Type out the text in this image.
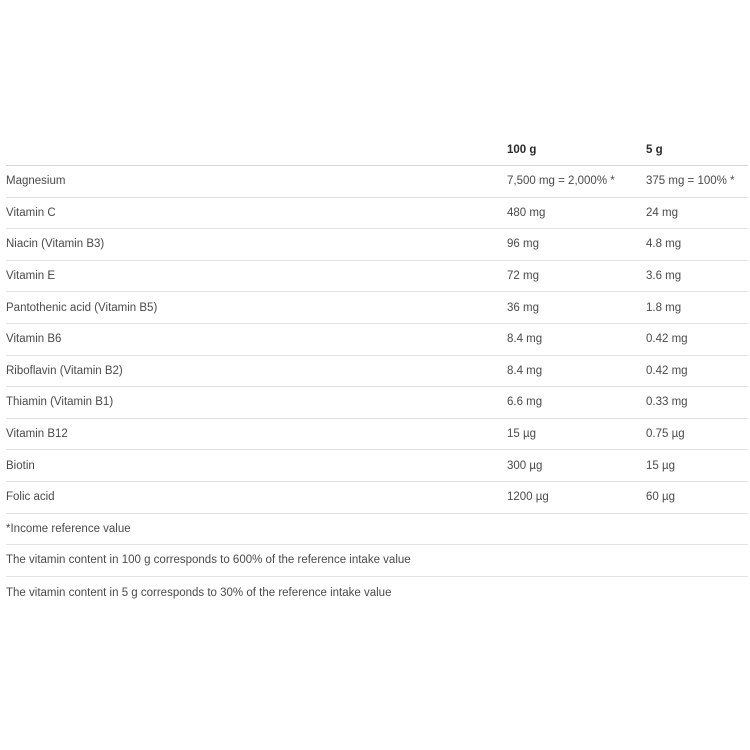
100 g	5 g
Magnesium	7,500 mg = 2,000% *	375 mg = 100% *
Vitamin C	480 mg	24 mg
Niacin (Vitamin B3)	96 mg	4.8 mg
Vitamin E	72 mg	3.6 mg
Pantothenic acid (Vitamin B5)	36 mg	1.8 mg
Vitamin B6	8.4 mg	0.42 mg
Riboflavin (Vitamin B2)	8.4 mg	0.42 mg
Thiamin (Vitamin B1)	6.6 mg	0.33 mg
Vitamin B12	15 µg	0.75 µg
Biotin	300 µg	15 µg
Folic acid	1200 µg	60 µg
*Income reference value
The vitamin content in 100 g corresponds to 600% of the reference intake value
The vitamin content in 5 g corresponds to 30% of the reference intake value
